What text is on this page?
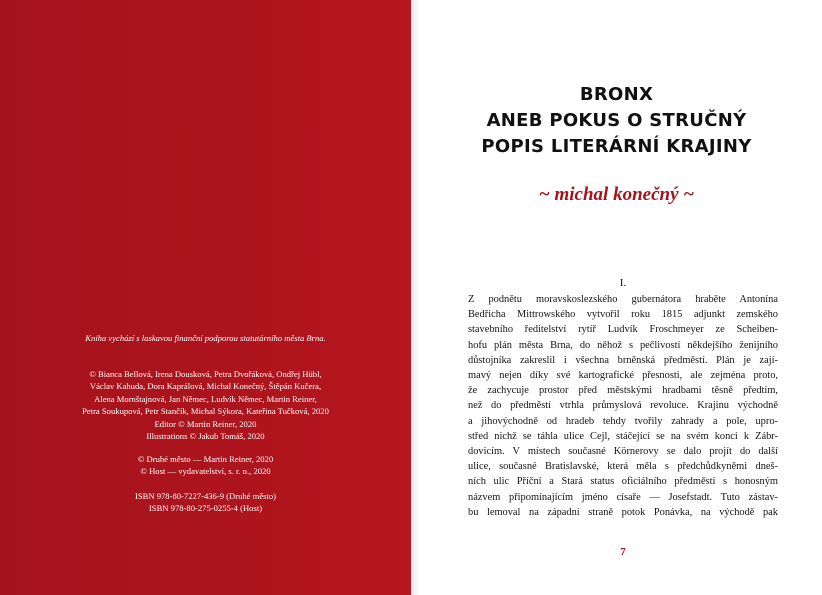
Kniha vychází s laskavou finanční podporou statutárního města Brna.
© Bianca Bellová, Irena Dousková, Petra Dvořáková, Ondřej Hübl,
Václav Kahuda, Dora Kaprálová, Michal Konečný, Štěpán Kučera,
Alena Mornštajnová, Jan Němec, Ludvík Němec, Martin Reiner,
Petra Soukupová, Petr Stančík, Michal Sýkora, Kateřina Tučková, 2020
Editor © Martin Reiner, 2020
Illustrations © Jakub Tomáš, 2020
© Druhé město — Martin Reiner, 2020
© Host — vydavatelství, s. r. o., 2020
ISBN 978-80-7227-436-9 (Druhé město)
ISBN 978-80-275-0255-4 (Host)
BRONX
ANEB POKUS O STRUČNÝ
POPIS LITERÁRNÍ KRAJINY
~ michal konečný ~
I.
Z podnětu moravskoslezského gubernátora hraběte Antonína
Bedřicha Mittrowského vytvořil roku 1815 adjunkt zemského
stavebního ředitelství rytíř Ludvík Froschmeyer ze Scheiben-
hofu plán města Brna, do něhož s pečlivostí někdejšího ženijního
důstojníka zakreslil i všechna brněnská předměstí. Plán je zají-
mavý nejen díky své kartografické přesnosti, ale zejména proto,
že zachycuje prostor před městskými hradbami těsně předtím,
než do předměstí vtrhla průmyslová revoluce. Krajinu východně
a jihovýchodně od hradeb tehdy tvořily zahrady a pole, upro-
střed nichž se táhla ulice Cejl, stáčející se na svém konci k Zábr-
dovicím. V místech současné Körnerovy se dalo projít do další
ulice, současné Bratislavské, která měla s předchůdkyněmi dneš-
ních ulic Příční a Stará status oficiálního předměstí s honosným
názvem připomínajícím jméno císaře — Josefstadt. Tuto zástav-
bu lemoval na západní straně potok Ponávka, na východě pak
7
